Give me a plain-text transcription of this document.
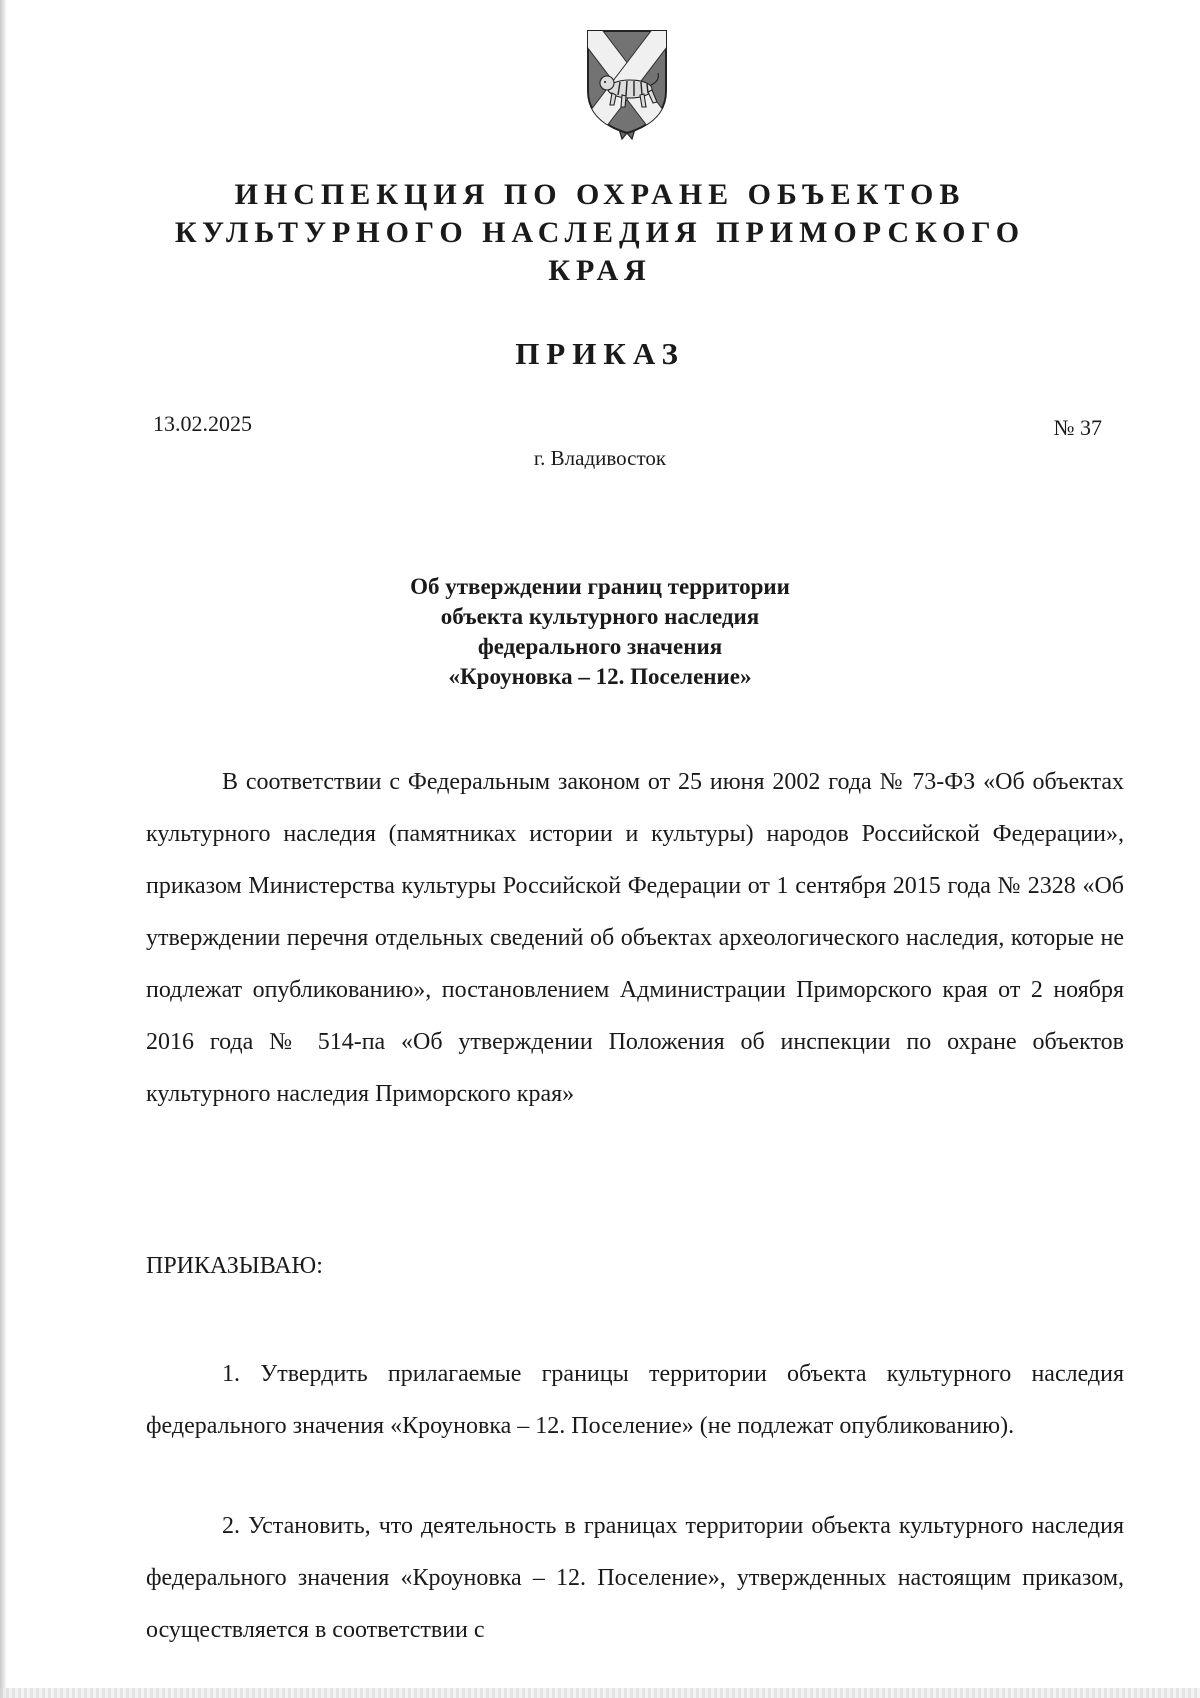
ИНСПЕКЦИЯ ПО ОХРАНЕ ОБЪЕКТОВ
КУЛЬТУРНОГО НАСЛЕДИЯ ПРИМОРСКОГО КРАЯ
ПРИКАЗ
13.02.2025	№ 37
г. Владивосток
Об утверждении границ территории
объекта культурного наследия
федерального значения
«Кроуновка – 12. Поселение»

В соответствии с Федеральным законом от 25 июня 2002 года № 73-ФЗ «Об объектах культурного наследия (памятниках истории и культуры) народов Российской Федерации», приказом Министерства культуры Российской Федерации от 1 сентября 2015 года № 2328 «Об утверждении перечня отдельных сведений об объектах археологического наследия, которые не подлежат опубликованию», постановлением Администрации Приморского края от 2 ноября 2016 года № 514-па «Об утверждении Положения об инспекции по охране объектов культурного наследия Приморского края»

ПРИКАЗЫВАЮ:

1. Утвердить прилагаемые границы территории объекта культурного наследия федерального значения «Кроуновка – 12. Поселение» (не подлежат опубликованию).

2. Установить, что деятельность в границах территории объекта культурного наследия федерального значения «Кроуновка – 12. Поселение», утвержденных настоящим приказом, осуществляется в соответствии с
